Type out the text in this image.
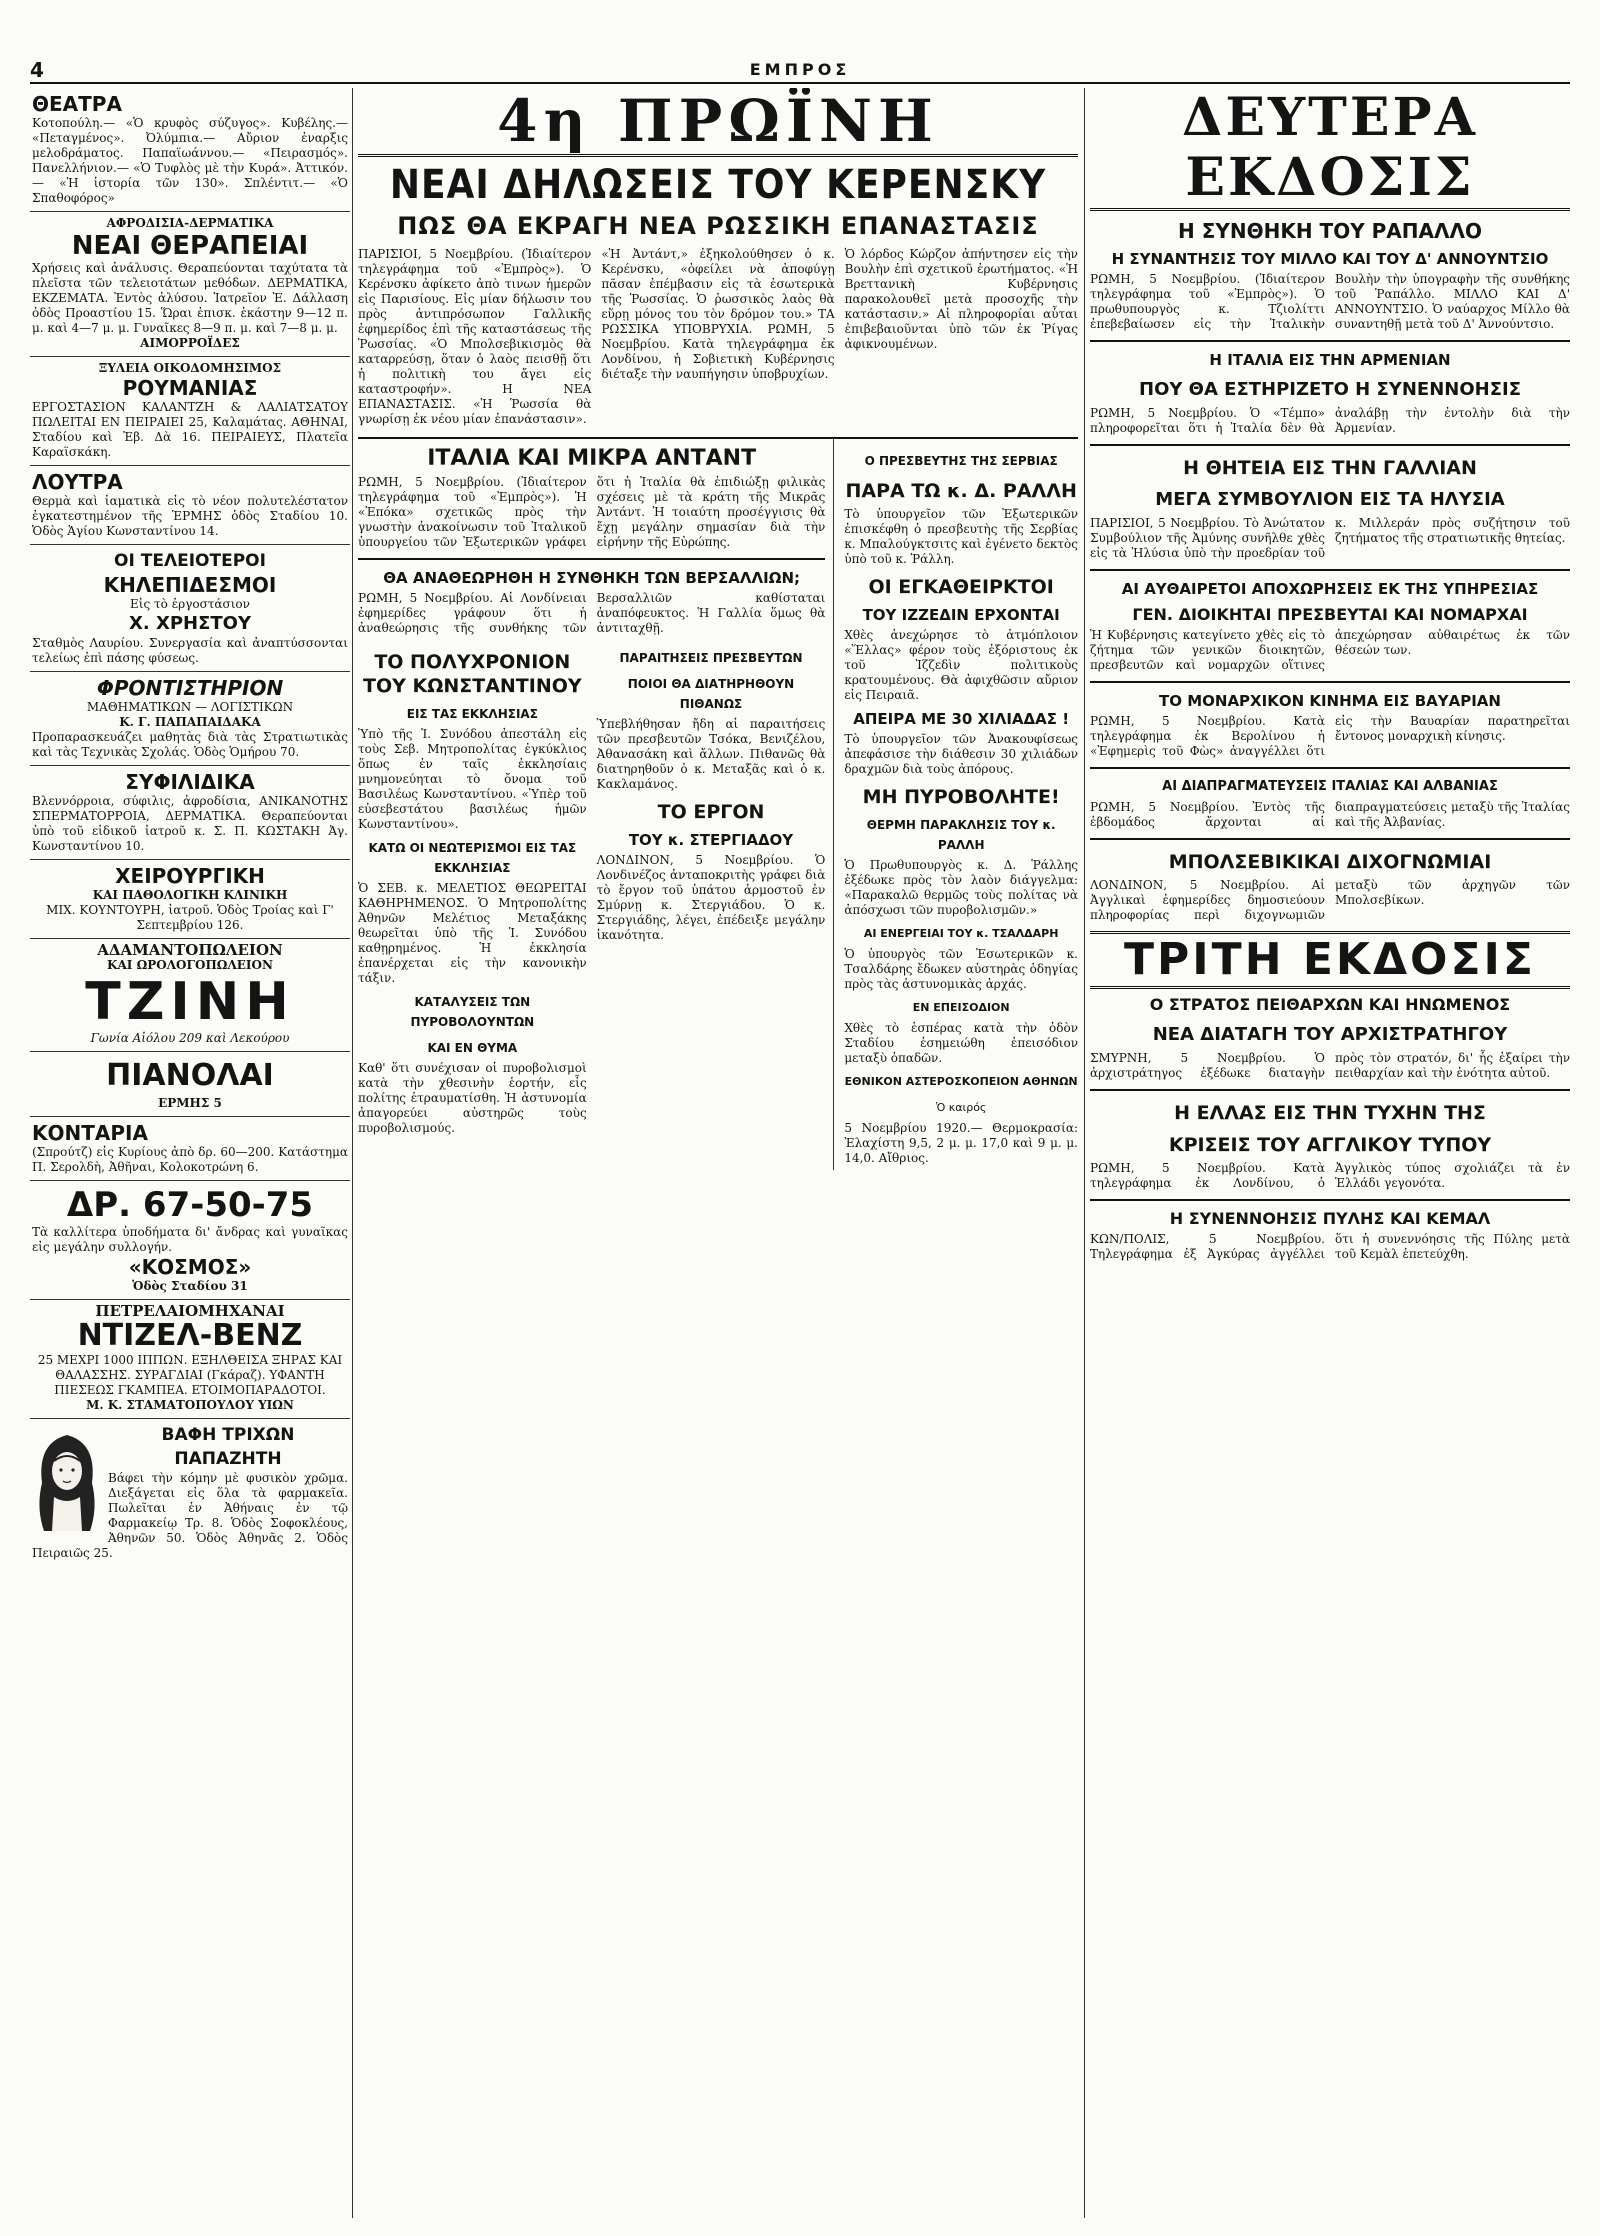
4	ΕΜΠΡΟΣ
ΘΕΑΤΡΑ
Κοτοπούλη.— «Ὁ κρυφὸς σύζυγος». Κυβέλης.— «Πεταγμένος». Ὀλύμπια.— Αὔριον ἐναρξις μελοδράματος. Παπαϊωάννου.— «Πειρασμός». Πανελλήνιον.— «Ὁ Τυφλὸς μὲ τὴν Κυρά». Ἀττικόν.— «Ἡ ἱστορία τῶν 130». Σπλέντιτ.— «Ὁ Σπαθοφόρος»
ΑΦΡΟΔΙΣΙΑ-ΔΕΡΜΑΤΙΚΑ
ΝΕΑΙ ΘΕΡΑΠΕΙΑΙ
Χρήσεις καὶ ἀνάλυσις. Θεραπεύονται ταχύτατα τὰ πλεῖστα τῶν τελειοτάτων μεθόδων. ΔΕΡΜΑΤΙΚΑ, ΕΚΖΕΜΑΤΑ. Ἐντὸς ἀλύσου. Ἰατρεῖον Ἐ. Δάλλαση ὁδὸς Προαστίου 15. Ὥραι ἐπισκ. ἑκάστην 9—12 π. μ. καὶ 4—7 μ. μ. Γυναῖκες 8—9 π. μ. καὶ 7—8 μ. μ.
ΑΙΜΟΡΡΟΪΔΕΣ
ΞΥΛΕΙΑ ΟΙΚΟΔΟΜΗΣΙΜΟΣ
ΡΟΥΜΑΝΙΑΣ
ΕΡΓΟΣΤΑΣΙΟΝ ΚΑΛΑΝΤΖΗ & ΛΑΛΙΑΤΣΑΤΟΥ ΠΩΛΕΙΤΑΙ ΕΝ ΠΕΙΡΑΙΕΙ 25, Καλαμάτας. ΑΘΗΝΑΙ, Σταδίου καὶ Ἐβ. Δὰ 16. ΠΕΙΡΑΙΕΥΣ, Πλατεῖα Καραϊσκάκη.
ΛΟΥΤΡΑ
Θερμὰ καὶ ἰαματικὰ εἰς τὸ νέον πολυτελέστατον ἐγκατεστημένον τῆς ἙΡΜΗΣ ὁδὸς Σταδίου 10. Ὁδὸς Ἁγίου Κωνσταντίνου 14.
ΟΙ ΤΕΛΕΙΟΤΕΡΟΙ
ΚΗΛΕΠΙΔΕΣΜΟΙ
Εἰς τὸ ἐργοστάσιον
Χ. ΧΡΗΣΤΟΥ
Σταθμὸς Λαυρίου. Συνεργασία καὶ ἀναπτύσσονται τελείως ἐπὶ πάσης φύσεως.
ΦΡΟΝΤΙΣΤΗΡΙΟΝ
ΜΑΘΗΜΑΤΙΚΩΝ — ΛΟΓΙΣΤΙΚΩΝ
Κ. Γ. ΠΑΠΑΠΑΙΔΑΚΑ
Προπαρασκευάζει μαθητὰς διὰ τὰς Στρατιωτικὰς καὶ τὰς Τεχνικὰς Σχολάς. Ὁδὸς Ὁμήρου 70.
ΣΥΦΙΛΙΔΙΚΑ
Βλεννόρροια, σύφιλις, ἀφροδίσια, ΑΝΙΚΑΝΟΤΗΣ ΣΠΕΡΜΑΤΟΡΡΟΙΑ, ΔΕΡΜΑΤΙΚΑ. Θεραπεύονται ὑπὸ τοῦ εἰδικοῦ ἰατροῦ κ. Σ. Π. ΚΩΣΤΑΚΗ Ἀγ. Κωνσταντίνου 10.
ΧΕΙΡΟΥΡΓΙΚΗ
ΚΑΙ ΠΑΘΟΛΟΓΙΚΗ ΚΛΙΝΙΚΗ
ΜΙΧ. ΚΟΥΝΤΟΥΡΗ, ἰατροῦ. Ὁδὸς Τροίας καὶ Γ' Σεπτεμβρίου 126.
ΑΔΑΜΑΝΤΟΠΩΛΕΙΟΝ
ΚΑΙ ΩΡΟΛΟΓΟΠΩΛΕΙΟΝ
ΤΖΙΝΗ
Γωνία Αἰόλου 209 καὶ Λεκούρου
ΠΙΑΝΟΛΑΙ
ΕΡΜΗΣ 5
ΚΟΝΤΑΡΙΑ
(Σπρούτζ) εἰς Κυρίους ἀπὸ δρ. 60—200. Κατάστημα Π. Σερολδὴ, Ἀθῆναι, Κολοκοτρώνη 6.
ΔΡ. 67-50-75
Τὰ καλλίτερα ὑποδήματα δι' ἄνδρας καὶ γυναῖκας εἰς μεγάλην συλλογήν.
«ΚΟΣΜΟΣ»
Ὁδὸς Σταδίου 31
ΠΕΤΡΕΛΑΙΟΜΗΧΑΝΑΙ
ΝΤΙΖΕΛ-ΒΕΝΖ
25 ΜΕΧΡΙ 1000 ΙΠΠΩΝ. ΕΞΗΛΘΕΙΣΑ ΞΗΡΑΣ ΚΑΙ ΘΑΛΑΣΣΗΣ. ΣΥΡΑΓΔΙΑΙ (Γκάραζ). ΥΦΑΝΤΗ ΠΙΕΣΕΩΣ ΓΚΑΜΠΕΑ. ΕΤΟΙΜΟΠΑΡΑΔΟΤΟΙ.
Μ. Κ. ΣΤΑΜΑΤΟΠΟΥΛΟΥ ΥΙΩΝ
ΒΑΦΗ ΤΡΙΧΩΝ
ΠΑΠΑΖΗΤΗ
Βάφει τὴν κόμην μὲ φυσικὸν χρῶμα. Διεξάγεται εἰς ὅλα τὰ φαρμακεῖα. Πωλεῖται ἐν Ἀθήναις ἐν τῷ Φαρμακείῳ Τρ. 8. Ὁδὸς Σοφοκλέους, Ἀθηνῶν 50. Ὁδὸς Ἀθηνᾶς 2. Ὁδὸς Πειραιῶς 25.
4η ΠΡΩΪΝΗ
ΝΕΑΙ ΔΗΛΩΣΕΙΣ ΤΟΥ ΚΕΡΕΝΣΚΥ
ΠΩΣ ΘΑ ΕΚΡΑΓΗ ΝΕΑ ΡΩΣΣΙΚΗ ΕΠΑΝΑΣΤΑΣΙΣ

ΠΑΡΙΣΙΟΙ, 5 Νοεμβρίου. (Ἰδιαίτερον τηλεγράφημα τοῦ «Ἐμπρὸς»). Ὁ Κερένσκυ ἀφίκετο ἀπὸ τινων ἡμερῶν εἰς Παρισίους. Εἰς μίαν δήλωσιν του πρὸς ἀντιπρόσωπον Γαλλικῆς ἐφημερίδος ἐπὶ τῆς καταστάσεως τῆς Ῥωσσίας. «Ὁ Μπολσεβικισμὸς θὰ καταρρεύσῃ, ὅταν ὁ λαὸς πεισθῇ ὅτι ἡ πολιτικὴ του ἄγει εἰς καταστροφήν». Η ΝΕΑ ΕΠΑΝΑΣΤΑΣΙΣ. «Ἡ Ῥωσσία θὰ γνωρίσῃ ἐκ νέου μίαν ἐπανάστασιν».

«Ἡ Ἀντάντ,» ἐξηκολούθησεν ὁ κ. Κερένσκυ, «ὀφείλει νὰ ἀποφύγῃ πᾶσαν ἐπέμβασιν εἰς τὰ ἐσωτερικὰ τῆς Ῥωσσίας. Ὁ ῥωσσικὸς λαὸς θὰ εὕρῃ μόνος του τὸν δρόμον του.» ΤΑ ΡΩΣΣΙΚΑ ΥΠΟΒΡΥΧΙΑ. ΡΩΜΗ, 5 Νοεμβρίου. Κατὰ τηλεγράφημα ἐκ Λονδίνου, ἡ Σοβιετικὴ Κυβέρνησις διέταξε τὴν ναυπήγησιν ὑποβρυχίων.

Ὁ λόρδος Κώρζον ἀπήντησεν εἰς τὴν Βουλὴν ἐπὶ σχετικοῦ ἐρωτήματος. «Ἡ Βρεττανικὴ Κυβέρνησις παρακολουθεῖ μετὰ προσοχῆς τὴν κατάστασιν.» Αἱ πληροφορίαι αὗται ἐπιβεβαιοῦνται ὑπὸ τῶν ἐκ Ῥίγας ἀφικνουμένων.

ΙΤΑΛΙΑ ΚΑΙ ΜΙΚΡΑ ΑΝΤΑΝΤ

ΡΩΜΗ, 5 Νοεμβρίου. (Ἰδιαίτερον τηλεγράφημα τοῦ «Ἐμπρὸς»). Ἡ «Ἐπόκα» σχετικῶς πρὸς τὴν γνωστὴν ἀνακοίνωσιν τοῦ Ἰταλικοῦ ὑπουργείου τῶν Ἐξωτερικῶν γράφει ὅτι ἡ Ἰταλία θὰ ἐπιδιώξῃ φιλικὰς σχέσεις μὲ τὰ κράτη τῆς Μικρᾶς Ἀντάντ. Ἡ τοιαύτη προσέγγισις θὰ ἔχῃ μεγάλην σημασίαν διὰ τὴν εἰρήνην τῆς Εὐρώπης.

ΘΑ ΑΝΑΘΕΩΡΗΘΗ Η ΣΥΝΘΗΚΗ ΤΩΝ ΒΕΡΣΑΛΛΙΩΝ;

ΡΩΜΗ, 5 Νοεμβρίου. Αἱ Λονδίνειαι ἐφημερίδες γράφουν ὅτι ἡ ἀναθεώρησις τῆς συνθήκης τῶν Βερσαλλιῶν καθίσταται ἀναπόφευκτος. Ἡ Γαλλία ὅμως θὰ ἀντιταχθῇ.

ΤΟ ΠΟΛΥΧΡΟΝΙΟΝ ΤΟΥ ΚΩΝΣΤΑΝΤΙΝΟΥ
ΕΙΣ ΤΑΣ ΕΚΚΛΗΣΙΑΣ

Ὑπὸ τῆς Ἱ. Συνόδου ἀπεστάλη εἰς τοὺς Σεβ. Μητροπολίτας ἐγκύκλιος ὅπως ἐν ταῖς ἐκκλησίαις μνημονεύηται τὸ ὄνομα τοῦ Βασιλέως Κωνσταντίνου. «Ὑπὲρ τοῦ εὐσεβεστάτου βασιλέως ἡμῶν Κωνσταντίνου».

ΚΑΤΩ ΟΙ ΝΕΩΤΕΡΙΣΜΟΙ ΕΙΣ ΤΑΣ ΕΚΚΛΗΣΙΑΣ

Ὁ ΣΕΒ. κ. ΜΕΛΕΤΙΟΣ ΘΕΩΡΕΙΤΑΙ ΚΑΘΗΡΗΜΕΝΟΣ. Ὁ Μητροπολίτης Ἀθηνῶν Μελέτιος Μεταξάκης θεωρεῖται ὑπὸ τῆς Ἱ. Συνόδου καθῃρημένος. Ἡ ἐκκλησία ἐπανέρχεται εἰς τὴν κανονικὴν τάξιν.

ΚΑΤΑΛΥΣΕΙΣ ΤΩΝ ΠΥΡΟΒΟΛΟΥΝΤΩΝ
ΚΑΙ ΕΝ ΘΥΜΑ

Καθ' ὅτι συνέχισαν οἱ πυροβολισμοὶ κατὰ τὴν χθεσινὴν ἑορτήν, εἷς πολίτης ἐτραυματίσθη. Ἡ ἀστυνομία ἀπαγορεύει αὐστηρῶς τοὺς πυροβολισμούς.

ΠΑΡΑΙΤΗΣΕΙΣ ΠΡΕΣΒΕΥΤΩΝ
ΠΟΙΟΙ ΘΑ ΔΙΑΤΗΡΗΘΟΥΝ ΠΙΘΑΝΩΣ

Ὑπεβλήθησαν ἤδη αἱ παραιτήσεις τῶν πρεσβευτῶν Τσόκα, Βενιζέλου, Ἀθανασάκη καὶ ἄλλων. Πιθανῶς θὰ διατηρηθοῦν ὁ κ. Μεταξᾶς καὶ ὁ κ. Κακλαμάνος.

ΤΟ ΕΡΓΟΝ
ΤΟΥ κ. ΣΤΕΡΓΙΑΔΟΥ

ΛΟΝΔΙΝΟΝ, 5 Νοεμβρίου. Ὁ Λονδινέζος ἀνταποκριτὴς γράφει διὰ τὸ ἔργον τοῦ ὑπάτου ἀρμοστοῦ ἐν Σμύρνῃ κ. Στεργιάδου. Ὁ κ. Στεργιάδης, λέγει, ἐπέδειξε μεγάλην ἱκανότητα.

Ο ΠΡΕΣΒΕΥΤΗΣ ΤΗΣ ΣΕΡΒΙΑΣ
ΠΑΡΑ ΤΩ κ. Δ. ΡΑΛΛΗ

Τὸ ὑπουργεῖον τῶν Ἐξωτερικῶν ἐπισκέφθη ὁ πρεσβευτὴς τῆς Σερβίας κ. Μπαλούγκτσιτς καὶ ἐγένετο δεκτὸς ὑπὸ τοῦ κ. Ῥάλλη.

ΟΙ ΕΓΚΑΘΕΙΡΚΤΟΙ
ΤΟΥ ΙΖΖΕΔΙΝ ΕΡΧΟΝΤΑΙ

Χθὲς ἀνεχώρησε τὸ ἀτμόπλοιον «Ἕλλας» φέρον τοὺς ἐξόριστους ἐκ τοῦ Ἰζζεδὶν πολιτικοὺς κρατουμένους. Θὰ ἀφιχθῶσιν αὔριον εἰς Πειραιᾶ.

ΑΠΕΙΡΑ ΜΕ 30 ΧΙΛΙΑΔΑΣ !

Τὸ ὑπουργεῖον τῶν Ἀνακουφίσεως ἀπεφάσισε τὴν διάθεσιν 30 χιλιάδων δραχμῶν διὰ τοὺς ἀπόρους.

ΜΗ ΠΥΡΟΒΟΛΗΤΕ!
ΘΕΡΜΗ ΠΑΡΑΚΛΗΣΙΣ ΤΟΥ κ. ΡΑΛΛΗ

Ὁ Πρωθυπουργὸς κ. Δ. Ῥάλλης ἐξέδωκε πρὸς τὸν λαὸν διάγγελμα: «Παρακαλῶ θερμῶς τοὺς πολίτας νὰ ἀπόσχωσι τῶν πυροβολισμῶν.»

ΑΙ ΕΝΕΡΓΕΙΑΙ ΤΟΥ κ. ΤΣΑΛΔΑΡΗ

Ὁ ὑπουργὸς τῶν Ἐσωτερικῶν κ. Τσαλδάρης ἔδωκεν αὐστηρὰς ὁδηγίας πρὸς τὰς ἀστυνομικὰς ἀρχάς.

ΕΝ ΕΠΕΙΣΟΔΙΟΝ

Χθὲς τὸ ἑσπέρας κατὰ τὴν ὁδὸν Σταδίου ἐσημειώθη ἐπεισόδιον μεταξὺ ὀπαδῶν.

ΕΘΝΙΚΟΝ ΑΣΤΕΡΟΣΚΟΠΕΙΟΝ ΑΘΗΝΩΝ
Ὁ καιρός

5 Νοεμβρίου 1920.— Θερμοκρασία: Ἐλαχίστη 9,5, 2 μ. μ. 17,0 καὶ 9 μ. μ. 14,0. Αἴθριος.

ΔΕΥΤΕΡΑ ΕΚΔΟΣΙΣ
Η ΣΥΝΘΗΚΗ ΤΟΥ ΡΑΠΑΛΛΟ
Η ΣΥΝΑΝΤΗΣΙΣ ΤΟΥ ΜΙΛΛΟ ΚΑΙ ΤΟΥ Δ' ΑΝΝΟΥΝΤΣΙΟ

ΡΩΜΗ, 5 Νοεμβρίου. (Ἰδιαίτερον τηλεγράφημα τοῦ «Ἐμπρὸς»). Ὁ πρωθυπουργὸς κ. Τζιολίττι ἐπεβεβαίωσεν εἰς τὴν Ἰταλικὴν Βουλὴν τὴν ὑπογραφὴν τῆς συνθήκης τοῦ Ῥαπάλλο. ΜΙΛΛΟ ΚΑΙ Δ' ΑΝΝΟΥΝΤΣΙΟ. Ὁ ναύαρχος Μίλλο θὰ συναντηθῇ μετὰ τοῦ Δ' Ἀννούντσιο.

Η ΙΤΑΛΙΑ ΕΙΣ ΤΗΝ ΑΡΜΕΝΙΑΝ
ΠΟΥ ΘΑ ΕΣΤΗΡΙΖΕΤΟ Η ΣΥΝΕΝΝΟΗΣΙΣ

ΡΩΜΗ, 5 Νοεμβρίου. Ὁ «Τέμπο» πληροφορεῖται ὅτι ἡ Ἰταλία δὲν θὰ ἀναλάβῃ τὴν ἐντολὴν διὰ τὴν Ἀρμενίαν.

Η ΘΗΤΕΙΑ ΕΙΣ ΤΗΝ ΓΑΛΛΙΑΝ
ΜΕΓΑ ΣΥΜΒΟΥΛΙΟΝ ΕΙΣ ΤΑ ΗΛΥΣΙΑ

ΠΑΡΙΣΙΟΙ, 5 Νοεμβρίου. Τὸ Ἀνώτατον Συμβούλιον τῆς Ἀμύνης συνῆλθε χθὲς εἰς τὰ Ἠλύσια ὑπὸ τὴν προεδρίαν τοῦ κ. Μιλλεράν πρὸς συζήτησιν τοῦ ζητήματος τῆς στρατιωτικῆς θητείας.

ΑΙ ΑΥΘΑΙΡΕΤΟΙ ΑΠΟΧΩΡΗΣΕΙΣ ΕΚ ΤΗΣ ΥΠΗΡΕΣΙΑΣ
ΓΕΝ. ΔΙΟΙΚΗΤΑΙ ΠΡΕΣΒΕΥΤΑΙ ΚΑΙ ΝΟΜΑΡΧΑΙ

Ἡ Κυβέρνησις κατεγίνετο χθὲς εἰς τὸ ζήτημα τῶν γενικῶν διοικητῶν, πρεσβευτῶν καὶ νομαρχῶν οἵτινες ἀπεχώρησαν αὐθαιρέτως ἐκ τῶν θέσεών των.

ΤΟ ΜΟΝΑΡΧΙΚΟΝ ΚΙΝΗΜΑ ΕΙΣ ΒΑΥΑΡΙΑΝ

ΡΩΜΗ, 5 Νοεμβρίου. Κατὰ τηλεγράφημα ἐκ Βερολίνου ἡ «Ἐφημερὶς τοῦ Φὼς» ἀναγγέλλει ὅτι εἰς τὴν Βαυαρίαν παρατηρεῖται ἔντονος μοναρχικὴ κίνησις.

ΑΙ ΔΙΑΠΡΑΓΜΑΤΕΥΣΕΙΣ ΙΤΑΛΙΑΣ ΚΑΙ ΑΛΒΑΝΙΑΣ

ΡΩΜΗ, 5 Νοεμβρίου. Ἐντὸς τῆς ἑβδομάδος ἄρχονται αἱ διαπραγματεύσεις μεταξὺ τῆς Ἰταλίας καὶ τῆς Ἀλβανίας.

ΜΠΟΛΣΕΒΙΚΙΚΑΙ ΔΙΧΟΓΝΩΜΙΑΙ

ΛΟΝΔΙΝΟΝ, 5 Νοεμβρίου. Αἱ Ἀγγλικαὶ ἐφημερίδες δημοσιεύουν πληροφορίας περὶ διχογνωμιῶν μεταξὺ τῶν ἀρχηγῶν τῶν Μπολσεβίκων.

ΤΡΙΤΗ ΕΚΔΟΣΙΣ
Ο ΣΤΡΑΤΟΣ ΠΕΙΘΑΡΧΩΝ ΚΑΙ ΗΝΩΜΕΝΟΣ
ΝΕΑ ΔΙΑΤΑΓΗ ΤΟΥ ΑΡΧΙΣΤΡΑΤΗΓΟΥ

ΣΜΥΡΝΗ, 5 Νοεμβρίου. Ὁ ἀρχιστράτηγος ἐξέδωκε διαταγὴν πρὸς τὸν στρατόν, δι' ἧς ἐξαίρει τὴν πειθαρχίαν καὶ τὴν ἑνότητα αὐτοῦ.

Η ΕΛΛΑΣ ΕΙΣ ΤΗΝ ΤΥΧΗΝ ΤΗΣ
ΚΡΙΣΕΙΣ ΤΟΥ ΑΓΓΛΙΚΟΥ ΤΥΠΟΥ

ΡΩΜΗ, 5 Νοεμβρίου. Κατὰ τηλεγράφημα ἐκ Λονδίνου, ὁ Ἀγγλικὸς τύπος σχολιάζει τὰ ἐν Ἑλλάδι γεγονότα.

Η ΣΥΝΕΝΝΟΗΣΙΣ ΠΥΛΗΣ ΚΑΙ ΚΕΜΑΛ

ΚΩΝ/ΠΟΛΙΣ, 5 Νοεμβρίου. Τηλεγράφημα ἐξ Ἀγκύρας ἀγγέλλει ὅτι ἡ συνεννόησις τῆς Πύλης μετὰ τοῦ Κεμὰλ ἐπετεύχθη.
